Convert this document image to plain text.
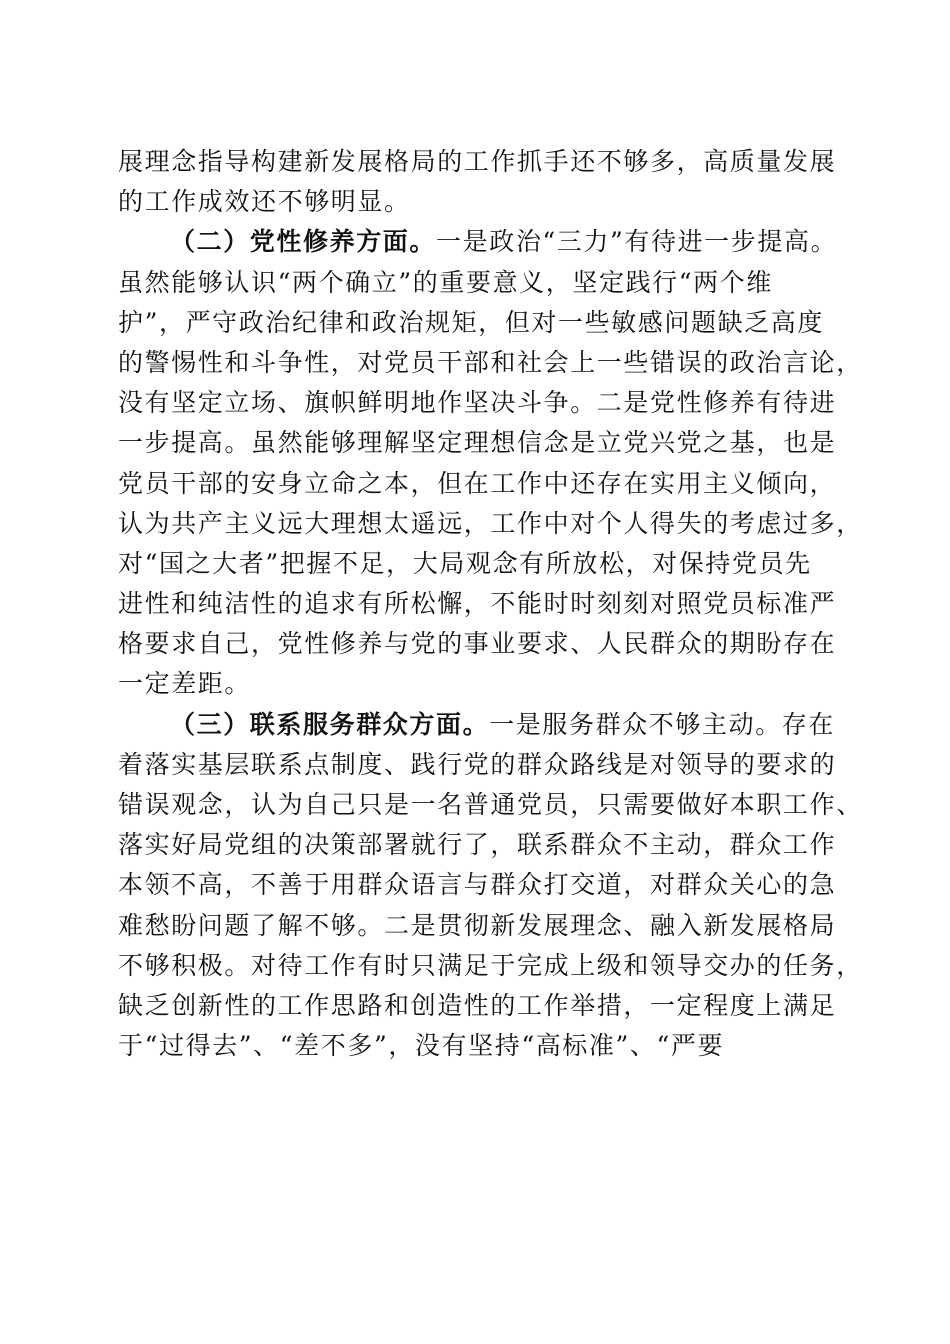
展理念指导构建新发展格局的工作抓手还不够多，高质量发展
的工作成效还不够明显。
（二）党性修养方面。一是政治“三力”有待进一步提高。
虽然能够认识“两个确立”的重要意义，坚定践行“两个维
护”，严守政治纪律和政治规矩，但对一些敏感问题缺乏高度
的警惕性和斗争性，对党员干部和社会上一些错误的政治言论，
没有坚定立场、旗帜鲜明地作坚决斗争。二是党性修养有待进
一步提高。虽然能够理解坚定理想信念是立党兴党之基，也是
党员干部的安身立命之本，但在工作中还存在实用主义倾向，
认为共产主义远大理想太遥远，工作中对个人得失的考虑过多，
对“国之大者”把握不足，大局观念有所放松，对保持党员先
进性和纯洁性的追求有所松懈，不能时时刻刻对照党员标准严
格要求自己，党性修养与党的事业要求、人民群众的期盼存在
一定差距。
（三）联系服务群众方面。一是服务群众不够主动。存在
着落实基层联系点制度、践行党的群众路线是对领导的要求的
错误观念，认为自己只是一名普通党员，只需要做好本职工作、
落实好局党组的决策部署就行了，联系群众不主动，群众工作
本领不高，不善于用群众语言与群众打交道，对群众关心的急
难愁盼问题了解不够。二是贯彻新发展理念、融入新发展格局
不够积极。对待工作有时只满足于完成上级和领导交办的任务，
缺乏创新性的工作思路和创造性的工作举措，一定程度上满足
于“过得去”、“差不多”，没有坚持“高标准”、“严要
